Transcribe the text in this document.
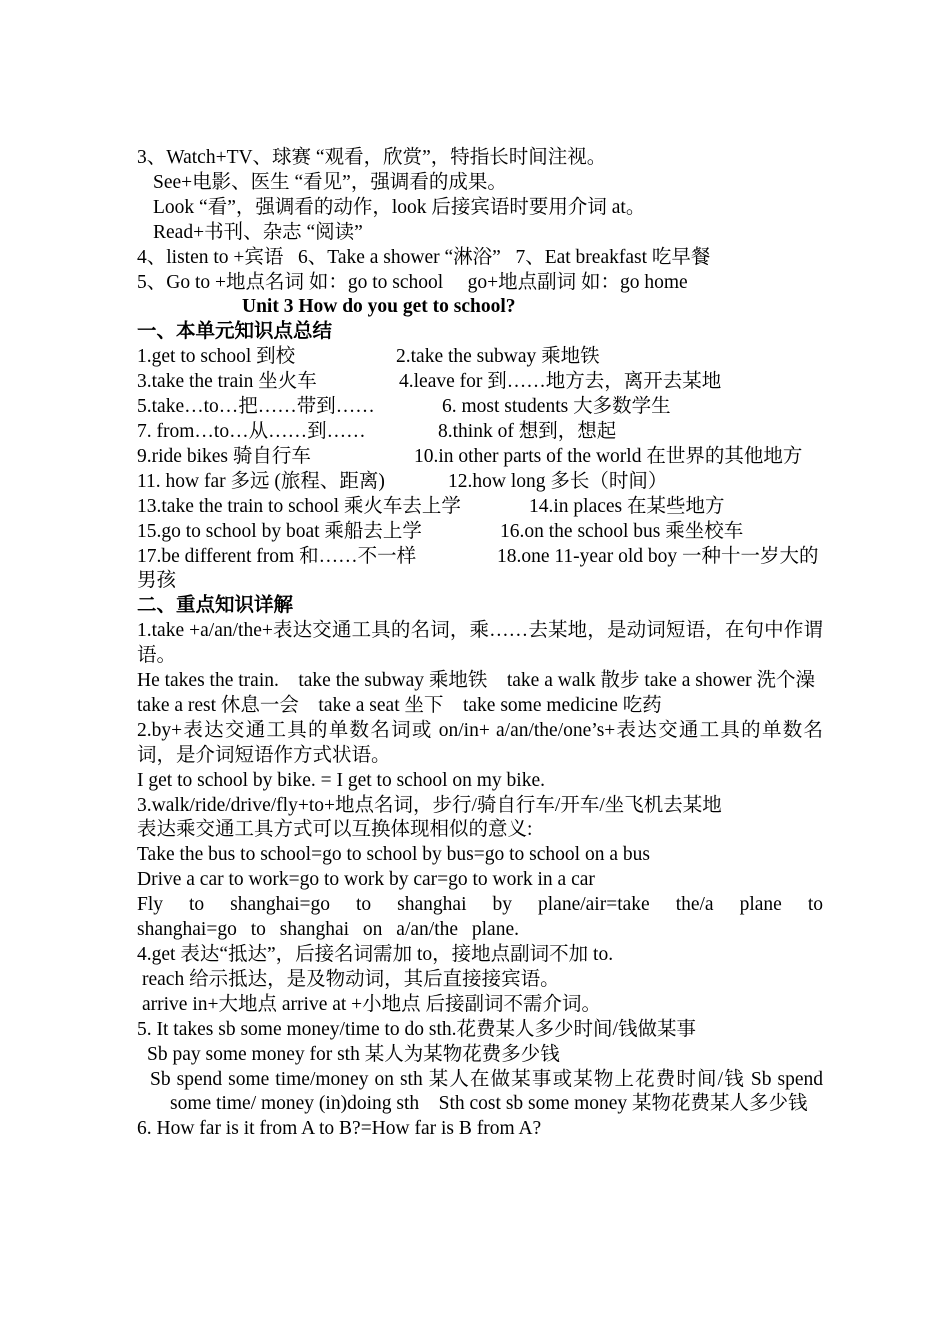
3、Watch+TV、球赛 “观看，欣赏”，特指长时间注视。
See+电影、医生 “看见”，强调看的成果。
Look “看”，强调看的动作，look 后接宾语时要用介词 at。
Read+书刊、杂志 “阅读”
4、listen to +宾语 6、Take a shower “淋浴” 7、Eat breakfast 吃早餐
5、Go to +地点名词 如：go to school go+地点副词 如：go home
Unit 3 How do you get to school?
一、本单元知识点总结
1.get to school 到校	2.take the subway 乘地铁
3.take the train 坐火车	4.leave for 到……地方去，离开去某地
5.take…to…把……带到……	6. most students 大多数学生
7. from…to…从……到……	8.think of 想到，想起
9.ride bikes 骑自行车	10.in other parts of the world 在世界的其他地方
11. how far 多远 (旅程、距离)	12.how long 多长（时间）
13.take the train to school 乘火车去上学	14.in places 在某些地方
15.go to school by boat 乘船去上学	16.on the school bus 乘坐校车
17.be different from 和……不一样	18.one 11-year old boy 一种十一岁大的男孩
二、重点知识详解
1.take +a/an/the+表达交通工具的名词，乘……去某地，是动词短语，在句中作谓语。
He takes the train.　take the subway 乘地铁　take a walk 散步 take a shower 洗个澡
take a rest 休息一会　take a seat 坐下　take some medicine 吃药
2.by+表达交通工具的单数名词或 on/in+ a/an/the/one’s+表达交通工具的单数名词，是介词短语作方式状语。
I get to school by bike. = I get to school on my bike.
3.walk/ride/drive/fly+to+地点名词，步行/骑自行车/开车/坐飞机去某地
表达乘交通工具方式可以互换体现相似的意义:
Take the bus to school=go to school by bus=go to school on a bus
Drive a car to work=go to work by car=go to work in a car
Fly to shanghai=go to shanghai by plane/air=take the/a plane to shanghai=go to shanghai on a/an/the plane.
4.get 表达“抵达”，后接名词需加 to，接地点副词不加 to.
reach 给示抵达，是及物动词，其后直接接宾语。
arrive in+大地点 arrive at +小地点 后接副词不需介词。
5. It takes sb some money/time to do sth.花费某人多少时间/钱做某事
Sb pay some money for sth 某人为某物花费多少钱
Sb spend some time/money on sth 某人在做某事或某物上花费时间/钱 Sb spend some time/ money (in)doing sth　Sth cost sb some money 某物花费某人多少钱
6. How far is it from A to B?=How far is B from A?
